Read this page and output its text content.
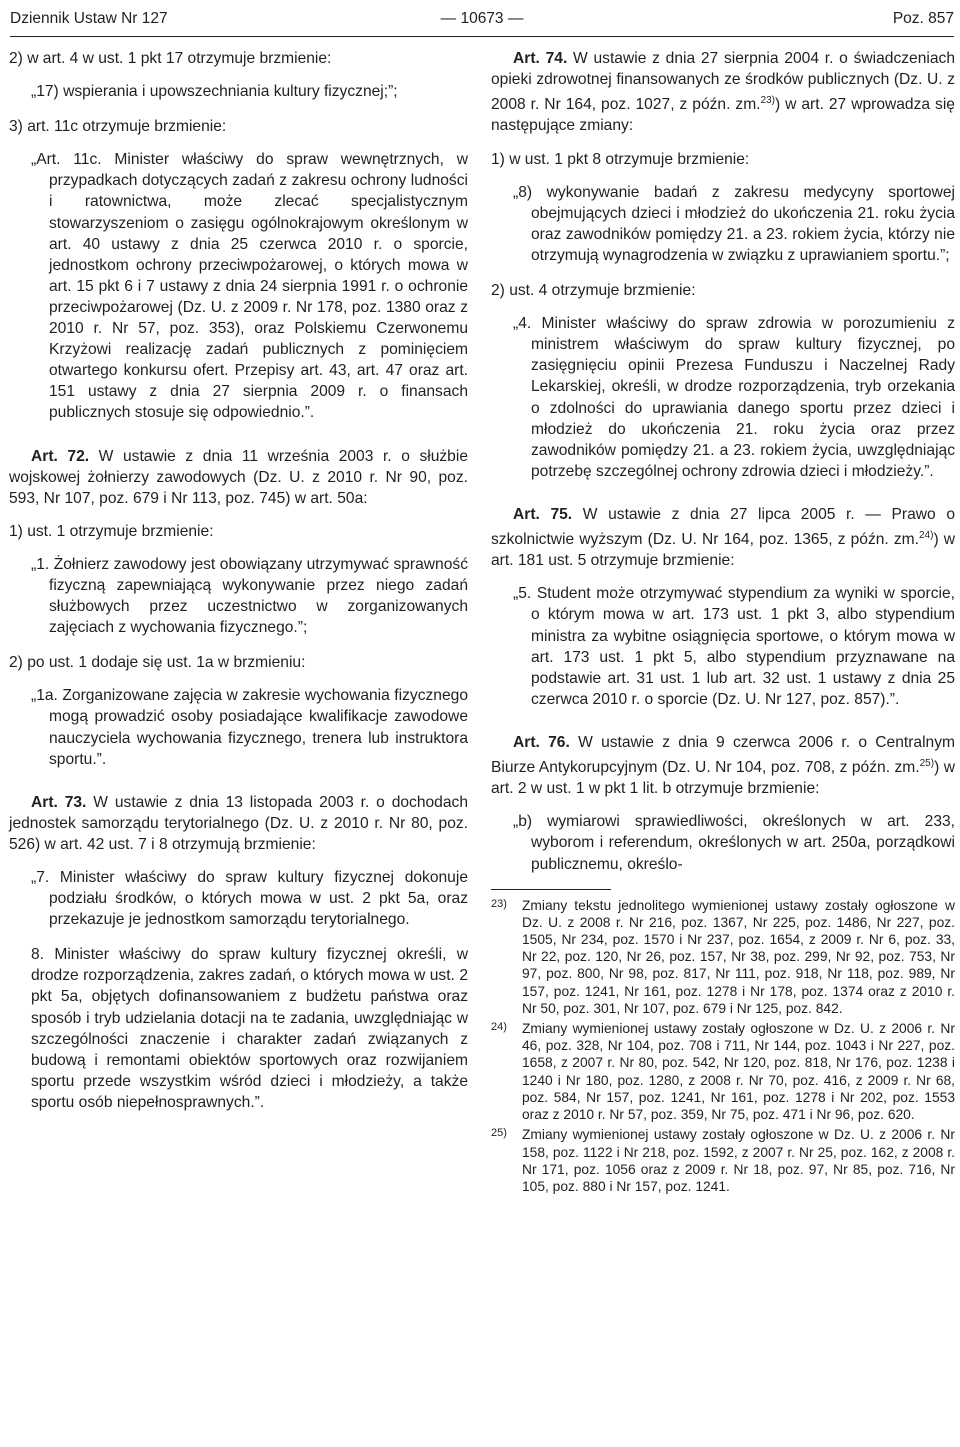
Dziennik Ustaw Nr 127	— 10673 —	Poz. 857

2) w art. 4 w ust. 1 pkt 17 otrzymuje brzmienie:

„17) wspierania i upowszechniania kultury fizycznej;”;

3) art. 11c otrzymuje brzmienie:

„Art. 11c. Minister właściwy do spraw wewnętrznych, w przypadkach dotyczących zadań z zakresu ochrony ludności i ratownictwa, może zlecać specjalistycznym stowarzyszeniom o zasięgu ogólnokrajowym określonym w art. 40 ustawy z dnia 25 czerwca 2010 r. o sporcie, jednostkom ochrony przeciwpożarowej, o których mowa w art. 15 pkt 6 i 7 ustawy z dnia 24 sierpnia 1991 r. o ochronie przeciwpożarowej (Dz. U. z 2009 r. Nr 178, poz. 1380 oraz z 2010 r. Nr 57, poz. 353), oraz Polskiemu Czerwonemu Krzyżowi realizację zadań publicznych z pominięciem otwartego konkursu ofert. Przepisy art. 43, art. 47 oraz art. 151 ustawy z dnia 27 sierpnia 2009 r. o finansach publicznych stosuje się odpowiednio.”.

Art. 72. W ustawie z dnia 11 września 2003 r. o służbie wojskowej żołnierzy zawodowych (Dz. U. z 2010 r. Nr 90, poz. 593, Nr 107, poz. 679 i Nr 113, poz. 745) w art. 50a:

1) ust. 1 otrzymuje brzmienie:

„1. Żołnierz zawodowy jest obowiązany utrzymywać sprawność fizyczną zapewniającą wykonywanie przez niego zadań służbowych przez uczestnictwo w zorganizowanych zajęciach z wychowania fizycznego.”;

2) po ust. 1 dodaje się ust. 1a w brzmieniu:

„1a. Zorganizowane zajęcia w zakresie wychowania fizycznego mogą prowadzić osoby posiadające kwalifikacje zawodowe nauczyciela wychowania fizycznego, trenera lub instruktora sportu.”.

Art. 73. W ustawie z dnia 13 listopada 2003 r. o dochodach jednostek samorządu terytorialnego (Dz. U. z 2010 r. Nr 80, poz. 526) w art. 42 ust. 7 i 8 otrzymują brzmienie:

„7. Minister właściwy do spraw kultury fizycznej dokonuje podziału środków, o których mowa w ust. 2 pkt 5a, oraz przekazuje je jednostkom samorządu terytorialnego.

8. Minister właściwy do spraw kultury fizycznej określi, w drodze rozporządzenia, zakres zadań, o których mowa w ust. 2 pkt 5a, objętych dofinansowaniem z budżetu państwa oraz sposób i tryb udzielania dotacji na te zadania, uwzględniając w szczególności znaczenie i charakter zadań związanych z budową i remontami obiektów sportowych oraz rozwijaniem sportu przede wszystkim wśród dzieci i młodzieży, a także sportu osób niepełnosprawnych.”.

Art. 74. W ustawie z dnia 27 sierpnia 2004 r. o świadczeniach opieki zdrowotnej finansowanych ze środków publicznych (Dz. U. z 2008 r. Nr 164, poz. 1027, z późn. zm.$^{23)}$) w art. 27 wprowadza się następujące zmiany:

1) w ust. 1 pkt 8 otrzymuje brzmienie:

„8) wykonywanie badań z zakresu medycyny sportowej obejmujących dzieci i młodzież do ukończenia 21. roku życia oraz zawodników pomiędzy 21. a 23. rokiem życia, którzy nie otrzymują wynagrodzenia w związku z uprawianiem sportu.”;

2) ust. 4 otrzymuje brzmienie:

„4. Minister właściwy do spraw zdrowia w porozumieniu z ministrem właściwym do spraw kultury fizycznej, po zasięgnięciu opinii Prezesa Funduszu i Naczelnej Rady Lekarskiej, określi, w drodze rozporządzenia, tryb orzekania o zdolności do uprawiania danego sportu przez dzieci i młodzież do ukończenia 21. roku życia oraz przez zawodników pomiędzy 21. a 23. rokiem życia, uwzględniając potrzebę szczególnej ochrony zdrowia dzieci i młodzieży.”.

Art. 75. W ustawie z dnia 27 lipca 2005 r. — Prawo o szkolnictwie wyższym (Dz. U. Nr 164, poz. 1365, z późn. zm.$^{24)}$) w art. 181 ust. 5 otrzymuje brzmienie:

„5. Student może otrzymywać stypendium za wyniki w sporcie, o którym mowa w art. 173 ust. 1 pkt 3, albo stypendium ministra za wybitne osiągnięcia sportowe, o którym mowa w art. 173 ust. 1 pkt 5, albo stypendium przyznawane na podstawie art. 31 ust. 1 lub art. 32 ust. 1 ustawy z dnia 25 czerwca 2010 r. o sporcie (Dz. U. Nr 127, poz. 857).”.

Art. 76. W ustawie z dnia 9 czerwca 2006 r. o Centralnym Biurze Antykorupcyjnym (Dz. U. Nr 104, poz. 708, z późn. zm.$^{25)}$) w art. 2 w ust. 1 w pkt 1 lit. b otrzymuje brzmienie:

„b) wymiarowi sprawiedliwości, określonych w art. 233, wyborom i referendum, określonych w art. 250a, porządkowi publicznemu, określo-

23) Zmiany tekstu jednolitego wymienionej ustawy zostały ogłoszone w Dz. U. z 2008 r. Nr 216, poz. 1367, Nr 225, poz. 1486, Nr 227, poz. 1505, Nr 234, poz. 1570 i Nr 237, poz. 1654, z 2009 r. Nr 6, poz. 33, Nr 22, poz. 120, Nr 26, poz. 157, Nr 38, poz. 299, Nr 92, poz. 753, Nr 97, poz. 800, Nr 98, poz. 817, Nr 111, poz. 918, Nr 118, poz. 989, Nr 157, poz. 1241, Nr 161, poz. 1278 i Nr 178, poz. 1374 oraz z 2010 r. Nr 50, poz. 301, Nr 107, poz. 679 i Nr 125, poz. 842.

24) Zmiany wymienionej ustawy zostały ogłoszone w Dz. U. z 2006 r. Nr 46, poz. 328, Nr 104, poz. 708 i 711, Nr 144, poz. 1043 i Nr 227, poz. 1658, z 2007 r. Nr 80, poz. 542, Nr 120, poz. 818, Nr 176, poz. 1238 i 1240 i Nr 180, poz. 1280, z 2008 r. Nr 70, poz. 416, z 2009 r. Nr 68, poz. 584, Nr 157, poz. 1241, Nr 161, poz. 1278 i Nr 202, poz. 1553 oraz z 2010 r. Nr 57, poz. 359, Nr 75, poz. 471 i Nr 96, poz. 620.

25) Zmiany wymienionej ustawy zostały ogłoszone w Dz. U. z 2006 r. Nr 158, poz. 1122 i Nr 218, poz. 1592, z 2007 r. Nr 25, poz. 162, z 2008 r. Nr 171, poz. 1056 oraz z 2009 r. Nr 18, poz. 97, Nr 85, poz. 716, Nr 105, poz. 880 i Nr 157, poz. 1241.
